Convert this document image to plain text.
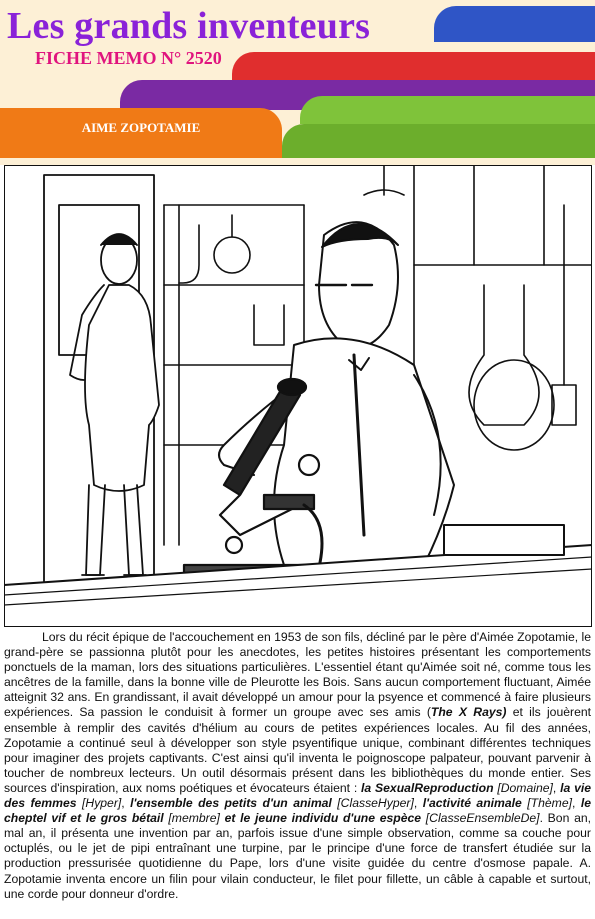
Les grands inventeurs
FICHE MEMO N° 2520
AIME ZOPOTAMIE

Lors du récit épique de l'accouchement en 1953 de son fils, décliné par le père d'Aimée Zopotamie, le grand-père se passionna plutôt pour les anecdotes, les petites histoires présentant les comportements ponctuels de la maman, lors des situations particulières. L'essentiel étant qu'Aimée soit né, comme tous les ancêtres de la famille, dans la bonne ville de Pleurotte les Bois. Sans aucun comportement fluctuant, Aimée atteignit 32 ans. En grandissant, il avait développé un amour pour la psyence et commencé à faire plusieurs expériences. Sa passion le conduisit à former un groupe avec ses amis (The X Rays) et ils jouèrent ensemble à remplir des cavités d'hélium au cours de petites expériences locales. Au fil des années, Zopotamie a continué seul à développer son style psyentifique unique, combinant différentes techniques pour imaginer des projets captivants. C'est ainsi qu'il inventa le poignoscope palpateur, pouvant parvenir à toucher de nombreux lecteurs. Un outil désormais présent dans les bibliothèques du monde entier. Ses sources d'inspiration, aux noms poétiques et évocateurs étaient : la SexualReproduction [Domaine], la vie des femmes [Hyper], l'ensemble des petits d'un animal [ClasseHyper], l'activité animale [Thème], le cheptel vif et le gros bétail [membre] et le jeune individu d'une espèce [ClasseEnsembleDe]. Bon an, mal an, il présenta une invention par an, parfois issue d'une simple observation, comme sa couche pour octuplés, ou le jet de pipi entraînant une turpine, par le principe d'une force de transfert étudiée sur la production pressurisée quotidienne du Pape, lors d'une visite guidée du centre d'osmose papale. A. Zopotamie inventa encore un filin pour vilain conducteur, le filet pour fillette, un câble à capable et surtout, une corde pour donneur d'ordre.
